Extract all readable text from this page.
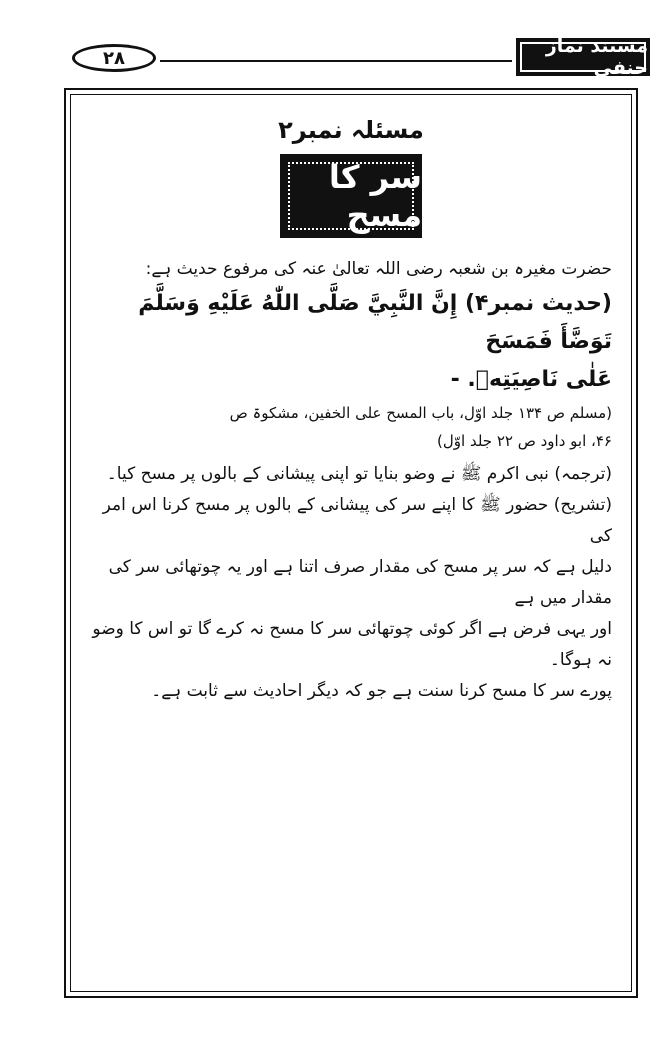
۲۸
مستند نماز حنفی
مسئلہ نمبر۲
سر کا مسح

حضرت مغیرہ بن شعبہ رضی اللہ تعالیٰ عنہ کی مرفوع حدیث ہے:

(حدیث نمبر۴) إِنَّ النَّبِيَّ صَلَّى اللّٰهُ عَلَيْهِ وَسَلَّمَ تَوَضَّأَ فَمَسَحَ

عَلٰى نَاصِيَتِهٖ. -

(مسلم ص ۱۳۴ جلد اوّل، باب المسح علی الخفین، مشکوۃ ص

۴۶، ابو داود ص ۲۲ جلد اوّل)

(ترجمہ) نبی اکرم ﷺ نے وضو بنایا تو اپنی پیشانی کے بالوں پر مسح کیا۔

(تشریح) حضور ﷺ کا اپنے سر کی پیشانی کے بالوں پر مسح کرنا اس امر کی

دلیل ہے کہ سر پر مسح کی مقدار صرف اتنا ہے اور یہ چوتھائی سر کی مقدار میں ہے

اور یہی فرض ہے اگر کوئی چوتھائی سر کا مسح نہ کرے گا تو اس کا وضو نہ ہوگا۔

پورے سر کا مسح کرنا سنت ہے جو کہ دیگر احادیث سے ثابت ہے۔
